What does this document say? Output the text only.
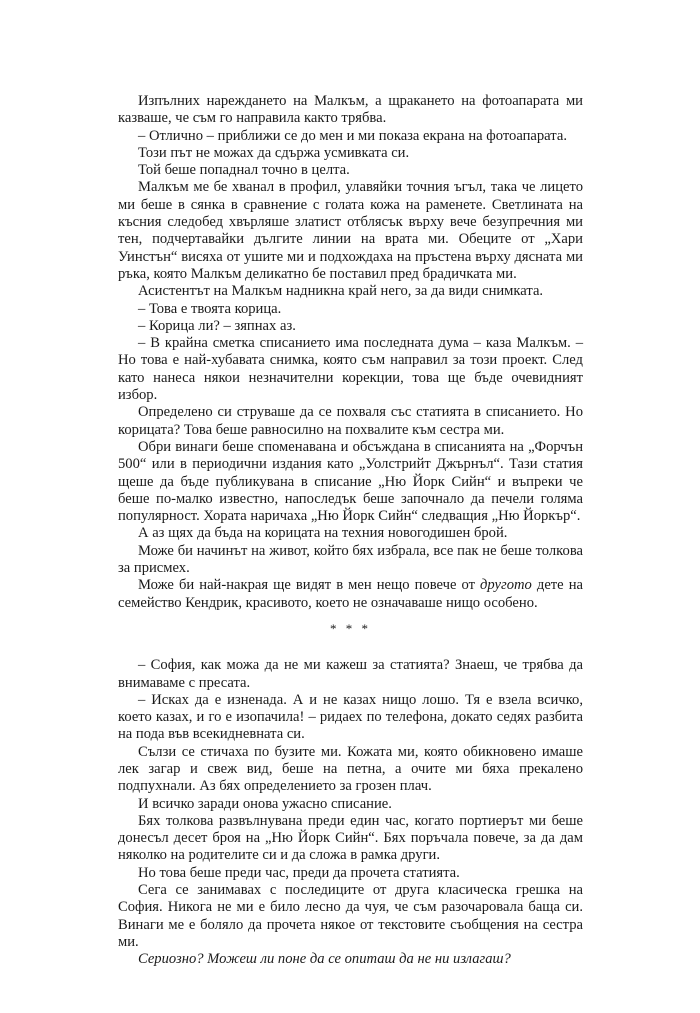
Изпълних нарежданeто на Малкъм, а щракането на фотоапарата ми казваше, че съм го направила както трябва.

– Отлично – приближи се до мен и ми показа екрана на фотоапарата.

Този път не можах да сдържа усмивката си.

Той беше попаднал точно в целта.

Малкъм ме бе хванал в профил, улавяйки точния ъгъл, така че лицето ми беше в сянка в сравнение с голата кожа на раменете. Светлината на късния следобед хвърляше златист отблясък върху вече безупречния ми тен, подчертавайки дългите линии на врата ми. Обеците от „Хари Уинстън“ висяха от ушите ми и подхождаха на пръстена върху дясната ми ръка, която Малкъм деликатно бе поставил пред брадичката ми.

Асистентът на Малкъм надникна край него, за да види снимката.

– Това е твоята корица.

– Корица ли? – зяпнах аз.

– В крайна сметка списанието има последната дума – каза Малкъм. – Но това е най-хубавата снимка, която съм направил за този проект. След като нанеса някои незначителни корекции, това ще бъде очевидният избор.

Определено си струваше да се похваля със статията в списанието. Но корицата? Това беше равносилно на похвалите към сестра ми.

Обри винаги беше споменавана и обсъждана в списанията на „Форчън 500“ или в периодични издания като „Уолстрийт Джърнъл“. Тази статия щеше да бъде публикувана в списание „Ню Йорк Сийн“ и въпреки че беше по-малко известно, напоследък беше започнало да печели голяма популярност. Хората наричаха „Ню Йорк Сийн“ следващия „Ню Йоркър“.

А аз щях да бъда на корицата на техния новогодишен брой.

Може би начинът на живот, който бях избрала, все пак не беше толкова за присмех.

Може би най-накрая ще видят в мен нещо повече от другото дете на семейство Кендрик, красивото, което не означаваше нищо особено.

* * *

– София, как можа да не ми кажеш за статията? Знаеш, че трябва да внимаваме с пресата.

– Исках да е изненада. А и не казах нищо лошо. Тя е взела всичко, което казах, и го е изопачила! – ридаех по телефона, докато седях разбита на пода във всекидневната си.

Сълзи се стичаха по бузите ми. Кожата ми, която обикновено имаше лек загар и свеж вид, беше на петна, а очите ми бяха прекалено подпухнали. Аз бях определението за грозен плач.

И всичко заради онова ужасно списание.

Бях толкова развълнувана преди един час, когато портиерът ми беше донесъл десет броя на „Ню Йорк Сийн“. Бях поръчала повече, за да дам няколко на родителите си и да сложа в рамка други.

Но това беше преди час, преди да прочета статията.

Сега се занимавах с последиците от друга класическа грешка на София. Никога не ми е било лесно да чуя, че съм разочаровала баща си. Винаги ме е боляло да прочета някое от текстовите съобщения на сестра ми.

Сериозно? Можеш ли поне да се опиташ да не ни излагаш?
